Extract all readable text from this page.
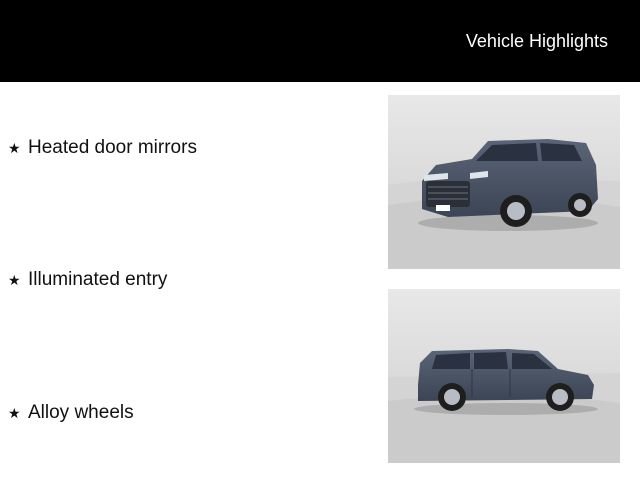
Vehicle Highlights
★ Heated door mirrors
★ Illuminated entry
★ Alloy wheels
